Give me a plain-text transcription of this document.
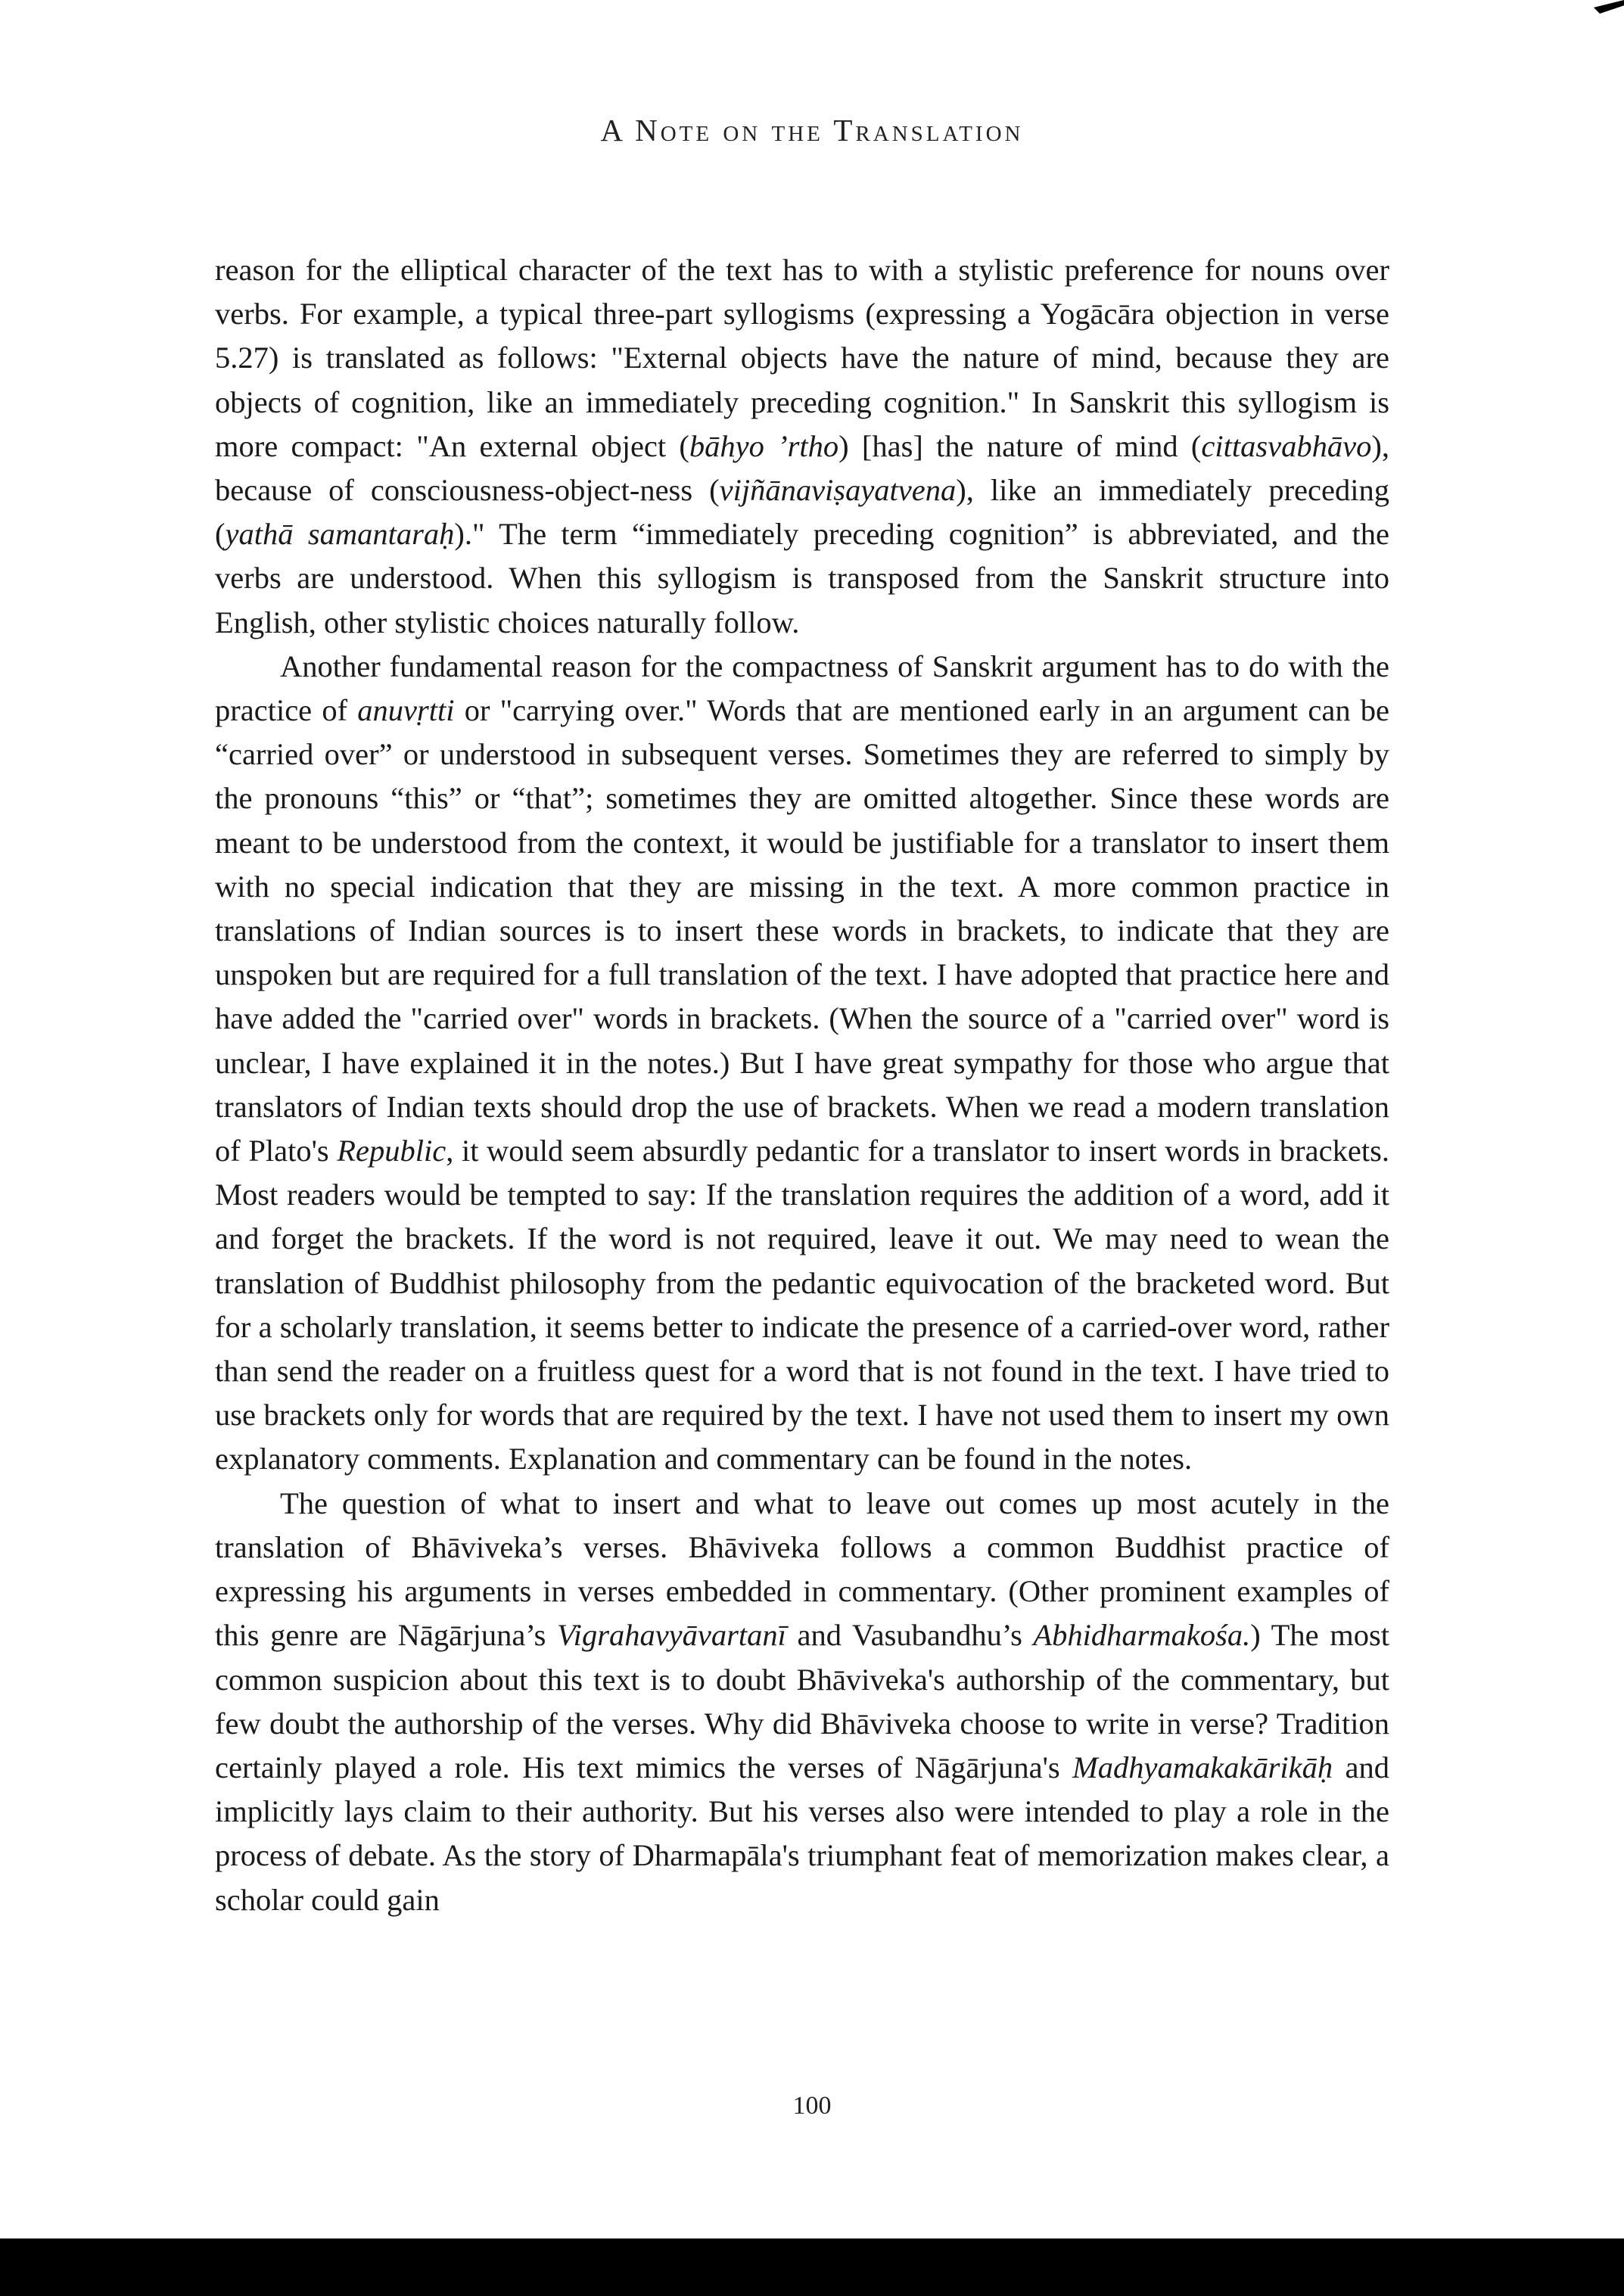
A Note on the Translation

reason for the elliptical character of the text has to with a stylistic preference for nouns over verbs. For example, a typical three-part syllogisms (expressing a Yogācāra objection in verse 5.27) is translated as follows: "External objects have the nature of mind, because they are objects of cognition, like an immediately preceding cognition." In Sanskrit this syllogism is more compact: "An external object (bāhyo ’rtho) [has] the nature of mind (cittasvabhāvo), because of consciousness-object-ness (vijñānaviṣayatvena), like an immediately preceding (yathā samantaraḥ)." The term “immediately preceding cognition” is abbreviated, and the verbs are understood. When this syllogism is transposed from the Sanskrit structure into English, other stylistic choices naturally follow.

Another fundamental reason for the compactness of Sanskrit argument has to do with the practice of anuvṛtti or "carrying over." Words that are mentioned early in an argument can be “carried over” or understood in subsequent verses. Sometimes they are referred to simply by the pronouns “this” or “that”; sometimes they are omitted altogether. Since these words are meant to be understood from the context, it would be justifiable for a translator to insert them with no special indication that they are missing in the text. A more common practice in translations of Indian sources is to insert these words in brackets, to indicate that they are unspoken but are required for a full translation of the text. I have adopted that practice here and have added the "carried over" words in brackets. (When the source of a "carried over" word is unclear, I have explained it in the notes.) But I have great sympathy for those who argue that translators of Indian texts should drop the use of brackets. When we read a modern translation of Plato's Republic, it would seem absurdly pedantic for a translator to insert words in brackets. Most readers would be tempted to say: If the translation requires the addition of a word, add it and forget the brackets. If the word is not required, leave it out. We may need to wean the translation of Buddhist philosophy from the pedantic equivocation of the bracketed word. But for a scholarly translation, it seems better to indicate the presence of a carried-over word, rather than send the reader on a fruitless quest for a word that is not found in the text. I have tried to use brackets only for words that are required by the text. I have not used them to insert my own explanatory comments. Explanation and commentary can be found in the notes.

The question of what to insert and what to leave out comes up most acutely in the translation of Bhāviveka’s verses. Bhāviveka follows a common Buddhist practice of expressing his arguments in verses embedded in commentary. (Other prominent examples of this genre are Nāgārjuna’s Vigrahavyāvartanī and Vasubandhu’s Abhidharmakośa.) The most common suspicion about this text is to doubt Bhāviveka's authorship of the commentary, but few doubt the authorship of the verses. Why did Bhāviveka choose to write in verse? Tradition certainly played a role. His text mimics the verses of Nāgārjuna's Madhyamakakārikāḥ and implicitly lays claim to their authority. But his verses also were intended to play a role in the process of debate. As the story of Dharmapāla's triumphant feat of memorization makes clear, a scholar could gain

100
